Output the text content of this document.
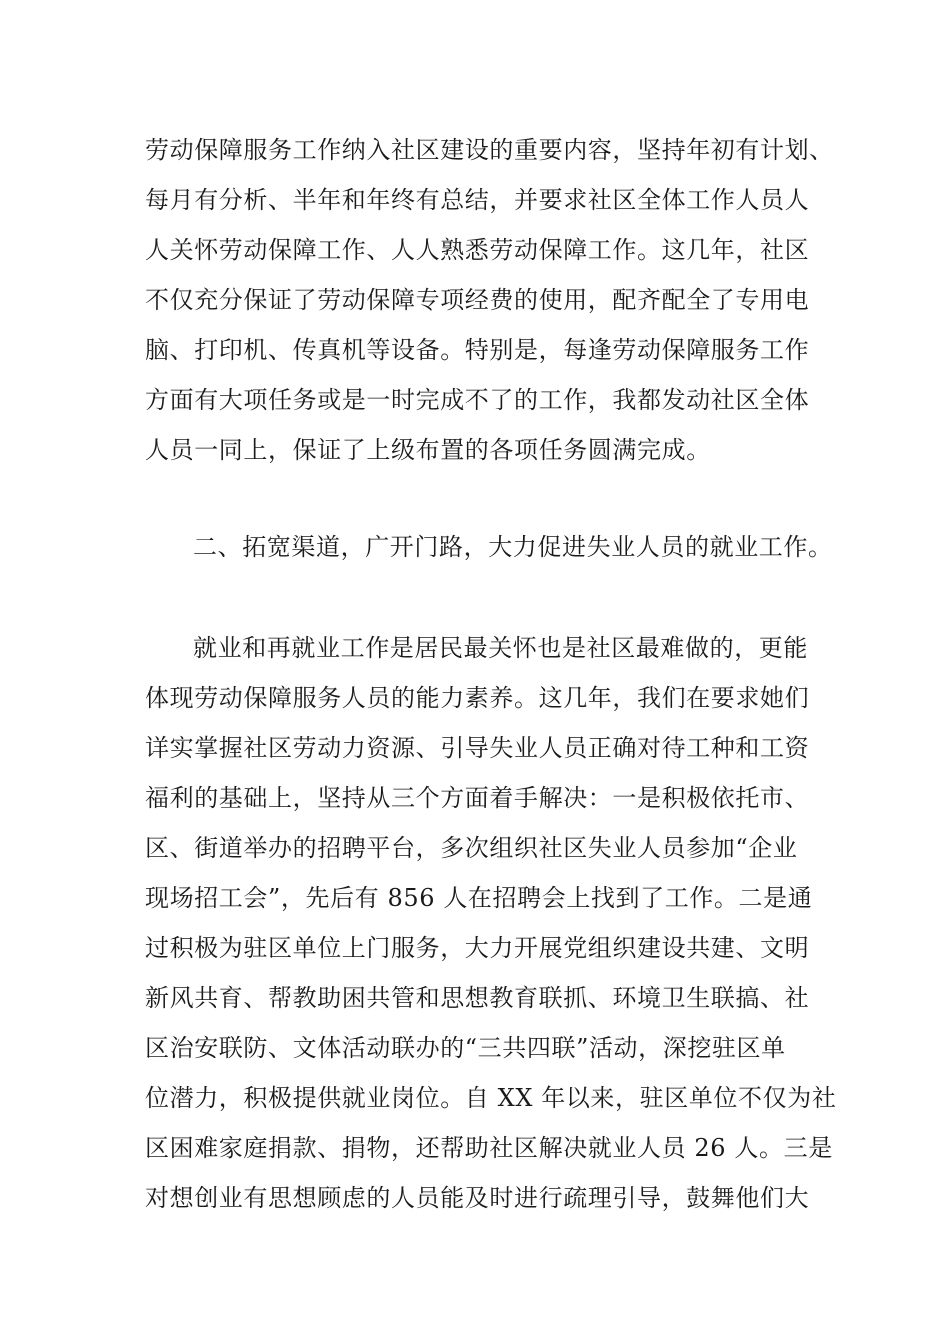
劳动保障服务工作纳入社区建设的重要内容，坚持年初有计划、
每月有分析、半年和年终有总结，并要求社区全体工作人员人
人关怀劳动保障工作、人人熟悉劳动保障工作。这几年，社区
不仅充分保证了劳动保障专项经费的使用，配齐配全了专用电
脑、打印机、传真机等设备。特别是，每逢劳动保障服务工作
方面有大项任务或是一时完成不了的工作，我都发动社区全体
人员一同上，保证了上级布置的各项任务圆满完成。
二、拓宽渠道，广开门路，大力促进失业人员的就业工作。
就业和再就业工作是居民最关怀也是社区最难做的，更能
体现劳动保障服务人员的能力素养。这几年，我们在要求她们
详实掌握社区劳动力资源、引导失业人员正确对待工种和工资
福利的基础上，坚持从三个方面着手解决：一是积极依托市、
区、街道举办的招聘平台，多次组织社区失业人员参加“企业
现场招工会”，先后有 856 人在招聘会上找到了工作。二是通
过积极为驻区单位上门服务，大力开展党组织建设共建、文明
新风共育、帮教助困共管和思想教育联抓、环境卫生联搞、社
区治安联防、文体活动联办的“三共四联”活动，深挖驻区单
位潜力，积极提供就业岗位。自 XX 年以来，驻区单位不仅为社
区困难家庭捐款、捐物，还帮助社区解决就业人员 26 人。三是
对想创业有思想顾虑的人员能及时进行疏理引导，鼓舞他们大
